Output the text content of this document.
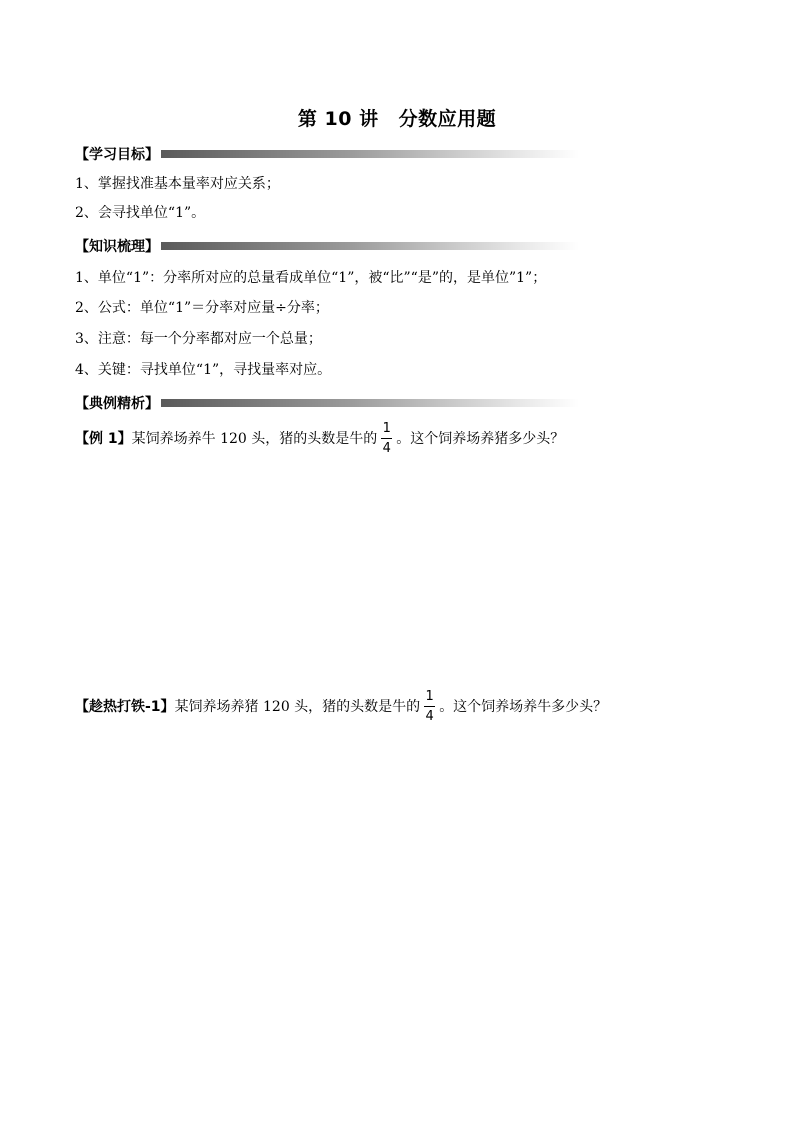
第 10 讲 分数应用题
【学习目标】
1、掌握找准基本量率对应关系；
2、会寻找单位“1”。
【知识梳理】
1、单位“1”：分率所对应的总量看成单位“1”，被“比”“是”的，是单位”1”；
2、公式：单位“1”＝分率对应量÷分率；
3、注意：每一个分率都对应一个总量；
4、关键：寻找单位“1”，寻找量率对应。
【典例精析】
【例 1】 某饲养场养牛 120 头，猪的头数是牛的 $\frac{1}{4}$ 。这个饲养场养猪多少头？
【趁热打铁-1】 某饲养场养猪 120 头，猪的头数是牛的 $\frac{1}{4}$ 。这个饲养场养牛多少头？
